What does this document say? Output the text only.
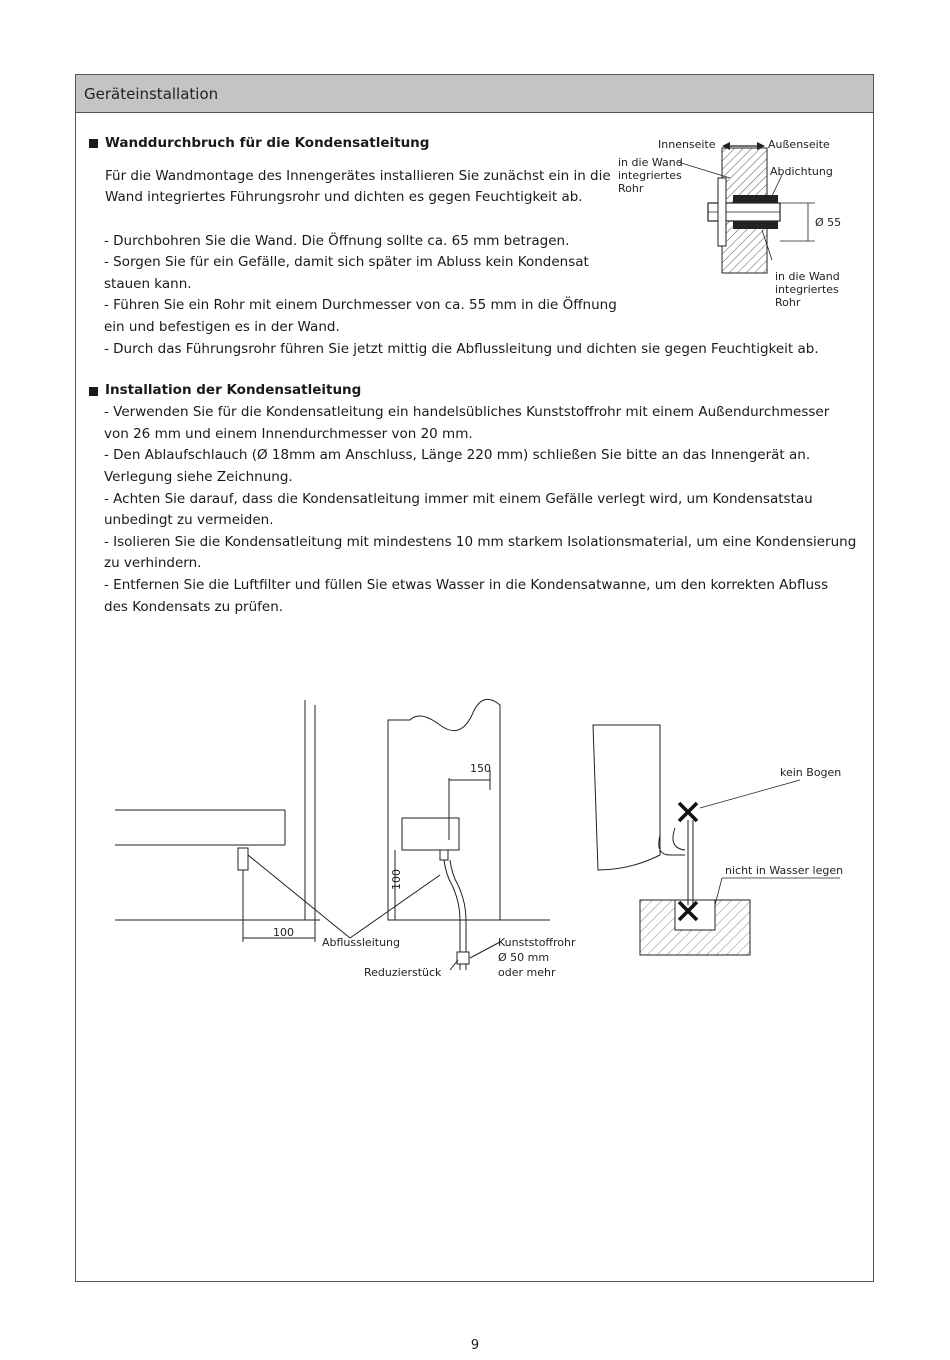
Geräteinstallation
Wanddurchbruch für die Kondensatleitung
Für die Wandmontage des Innengerätes installieren Sie zunächst ein in die
Wand integriertes Führungsrohr und dichten es gegen Feuchtigkeit ab.
- Durchbohren Sie die Wand. Die Öffnung sollte ca. 65 mm betragen.
- Sorgen Sie für ein Gefälle, damit sich später im Abluss kein Kondensat
stauen kann.
- Führen Sie ein Rohr mit einem Durchmesser von ca. 55 mm in die Öffnung
ein und befestigen es in der Wand.
- Durch das Führungsrohr führen Sie jetzt mittig die Abflussleitung und dichten sie gegen Feuchtigkeit ab.
Innenseite	Außenseite
in die Wand
integriertes
Rohr
Abdichtung
Ø 55
in die Wand
integriertes
Rohr
Installation der Kondensatleitung
- Verwenden Sie für die Kondensatleitung ein handelsübliches Kunststoffrohr mit einem Außendurchmesser
von 26 mm und einem Innendurchmesser von 20 mm.
- Den Ablaufschlauch (Ø 18mm am Anschluss, Länge 220 mm) schließen Sie bitte an das Innengerät an.
Verlegung siehe Zeichnung.
- Achten Sie darauf, dass die Kondensatleitung immer mit einem Gefälle verlegt wird, um Kondensatstau
unbedingt zu vermeiden.
- Isolieren Sie die Kondensatleitung mit mindestens 10 mm starkem Isolationsmaterial, um eine Kondensierung
zu verhindern.
- Entfernen Sie die Luftfilter und füllen Sie etwas Wasser in die Kondensatwanne, um den korrekten Abfluss
des Kondensats zu prüfen.
100
150
100
Abflussleitung
Reduzierstück
Kunststoffrohr
Ø 50 mm
oder mehr
kein Bogen
nicht in Wasser legen
9
